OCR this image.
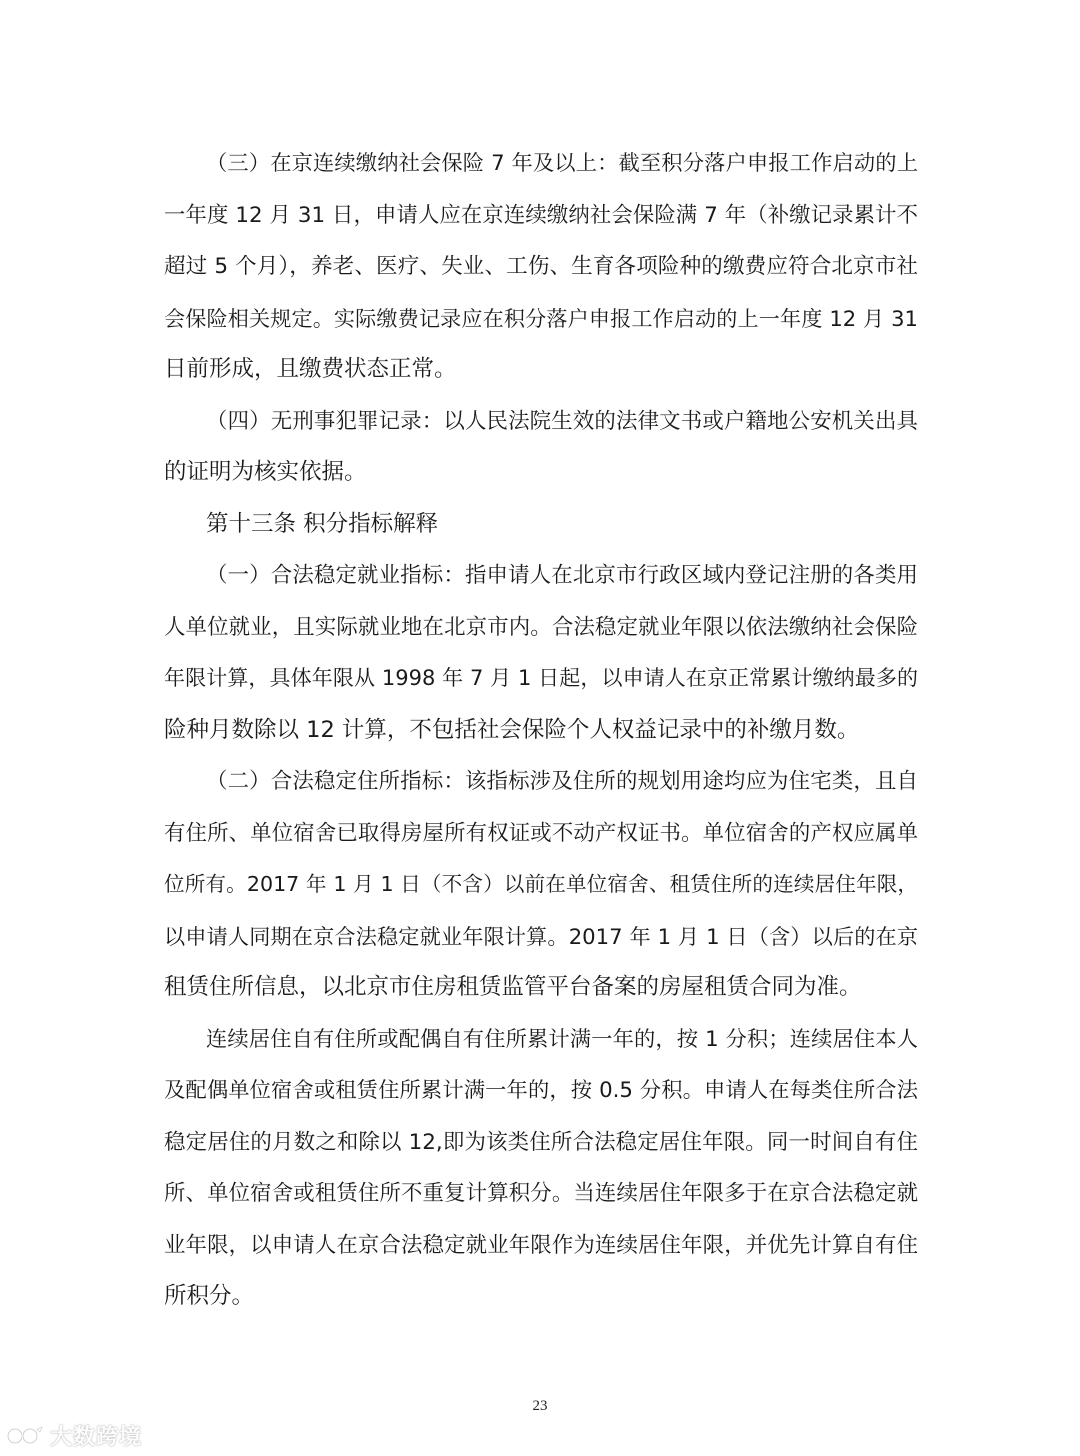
（三）在京连续缴纳社会保险 7 年及以上：截至积分落户申报工作启动的上
一年度 12 月 31 日，申请人应在京连续缴纳社会保险满 7 年（补缴记录累计不
超过 5 个月），养老、医疗、失业、工伤、生育各项险种的缴费应符合北京市社
会保险相关规定。实际缴费记录应在积分落户申报工作启动的上一年度 12 月 31
日前形成，且缴费状态正常。
（四）无刑事犯罪记录：以人民法院生效的法律文书或户籍地公安机关出具
的证明为核实依据。
第十三条 积分指标解释
（一）合法稳定就业指标：指申请人在北京市行政区域内登记注册的各类用
人单位就业，且实际就业地在北京市内。合法稳定就业年限以依法缴纳社会保险
年限计算，具体年限从 1998 年 7 月 1 日起，以申请人在京正常累计缴纳最多的
险种月数除以 12 计算，不包括社会保险个人权益记录中的补缴月数。
（二）合法稳定住所指标：该指标涉及住所的规划用途均应为住宅类，且自
有住所、单位宿舍已取得房屋所有权证或不动产权证书。单位宿舍的产权应属单
位所有。2017 年 1 月 1 日（不含）以前在单位宿舍、租赁住所的连续居住年限，
以申请人同期在京合法稳定就业年限计算。2017 年 1 月 1 日（含）以后的在京
租赁住所信息，以北京市住房租赁监管平台备案的房屋租赁合同为准。
连续居住自有住所或配偶自有住所累计满一年的，按 1 分积；连续居住本人
及配偶单位宿舍或租赁住所累计满一年的，按 0.5 分积。申请人在每类住所合法
稳定居住的月数之和除以 12,即为该类住所合法稳定居住年限。同一时间自有住
所、单位宿舍或租赁住所不重复计算积分。当连续居住年限多于在京合法稳定就
业年限，以申请人在京合法稳定就业年限作为连续居住年限，并优先计算自有住
所积分。
23
大数跨境
